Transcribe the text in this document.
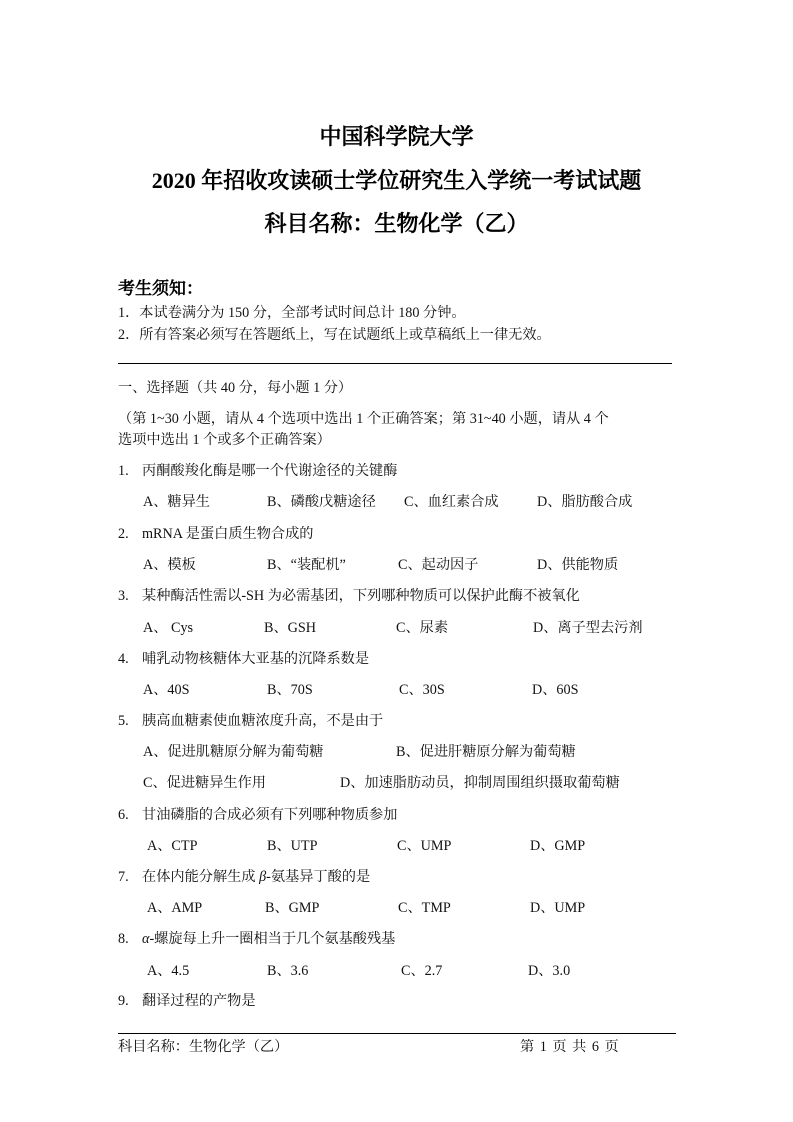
中国科学院大学
2020 年招收攻读硕士学位研究生入学统一考试试题
科目名称：生物化学（乙）
考生须知：
1．本试卷满分为 150 分，全部考试时间总计 180 分钟。
2．所有答案必须写在答题纸上，写在试题纸上或草稿纸上一律无效。
一、选择题（共 40 分，每小题 1 分）
（第 1~30 小题，请从 4 个选项中选出 1 个正确答案；第 31~40 小题，请从 4 个
选项中选出 1 个或多个正确答案）
1. 丙酮酸羧化酶是哪一个代谢途径的关键酶
A、糖异生	B、磷酸戊糖途径 C、血红素合成	D、脂肪酸合成
2. mRNA 是蛋白质生物合成的
A、模板	B、“装配机”	C、起动因子	D、供能物质
3. 某种酶活性需以-SH 为必需基团，下列哪种物质可以保护此酶不被氧化
A、 Cys	B、GSH	C、尿素	D、离子型去污剂
4. 哺乳动物核糖体大亚基的沉降系数是
A、40S	B、70S	C、30S	D、60S
5. 胰高血糖素使血糖浓度升高，不是由于
A、促进肌糖原分解为葡萄糖	B、促进肝糖原分解为葡萄糖
C、促进糖异生作用	D、加速脂肪动员，抑制周围组织摄取葡萄糖
6. 甘油磷脂的合成必须有下列哪种物质参加
A、CTP	B、UTP	C、UMP	D、GMP
7. 在体内能分解生成 β-氨基异丁酸的是
A、AMP	B、GMP	C、TMP	D、UMP
8. α-螺旋每上升一圈相当于几个氨基酸残基
A、4.5	B、3.6	C、2.7	D、3.0
9. 翻译过程的产物是
科目名称：生物化学（乙）	第 1 页 共 6 页
